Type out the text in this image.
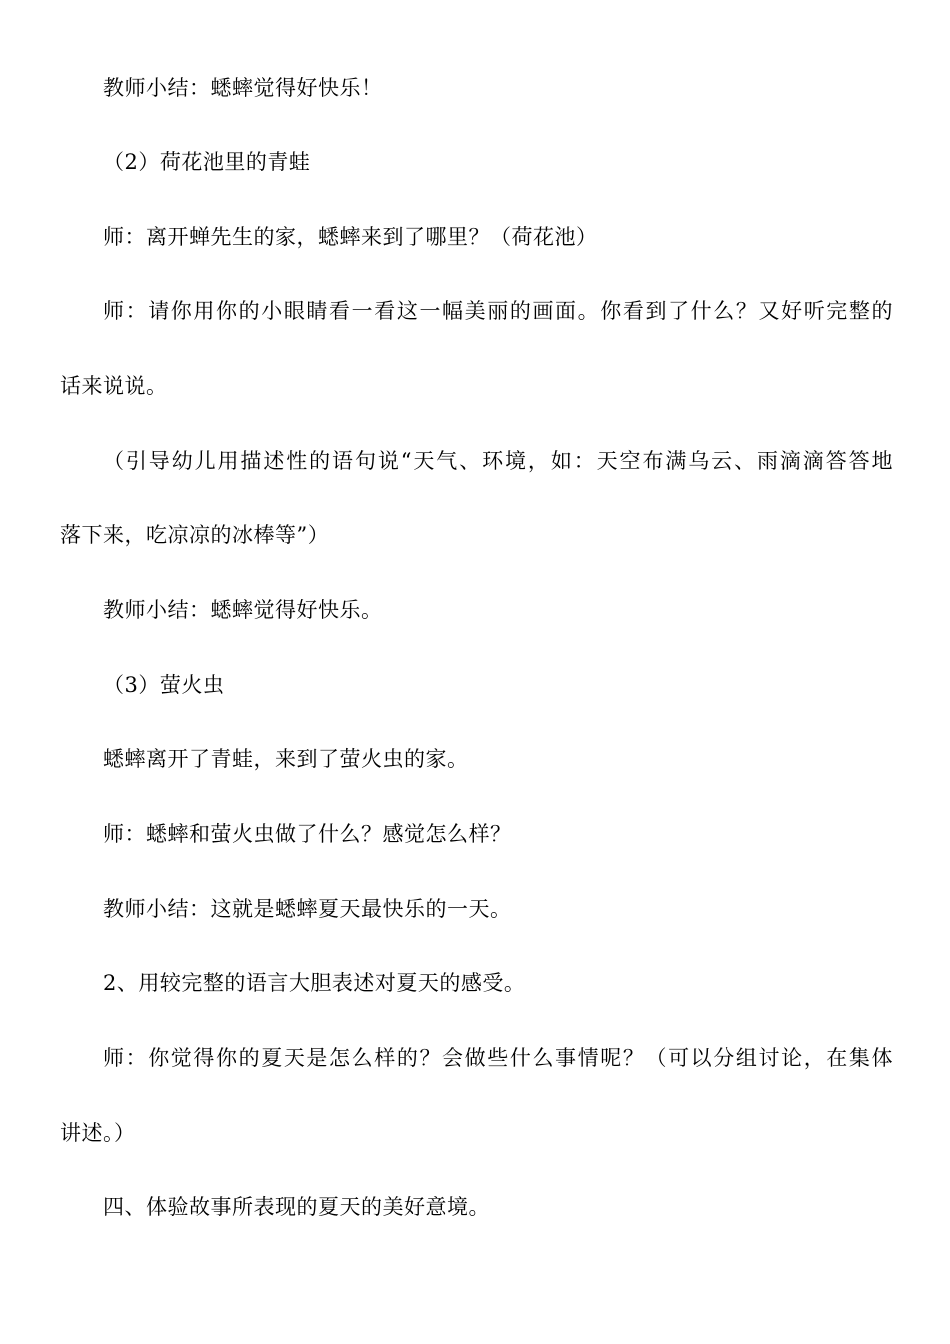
教师小结：蟋蟀觉得好快乐！
（2）荷花池里的青蛙
师：离开蝉先生的家，蟋蟀来到了哪里？（荷花池）
师：请你用你的小眼睛看一看这一幅美丽的画面。你看到了什么？又好听完整的
话来说说。
（引导幼儿用描述性的语句说“天气、环境，如：天空布满乌云、雨滴滴答答地
落下来，吃凉凉的冰棒等”）
教师小结：蟋蟀觉得好快乐。
（3）萤火虫
蟋蟀离开了青蛙，来到了萤火虫的家。
师：蟋蟀和萤火虫做了什么？感觉怎么样？
教师小结：这就是蟋蟀夏天最快乐的一天。
2、用较完整的语言大胆表述对夏天的感受。
师：你觉得你的夏天是怎么样的？会做些什么事情呢？（可以分组讨论，在集体
讲述。）
四、体验故事所表现的夏天的美好意境。
